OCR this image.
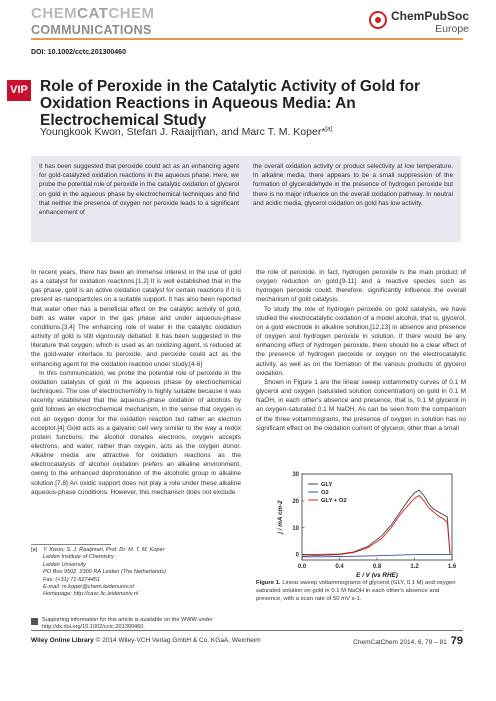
CHEMCATCHEM
COMMUNICATIONS
ChemPubSoc
Europe
DOI: 10.1002/cctc.201300460
VIP Role of Peroxide in the Catalytic Activity of Gold for Oxidation Reactions in Aqueous Media: An Electrochemical Study
Youngkook Kwon, Stefan J. Raaijman, and Marc T. M. Koper*[a]

It has been suggested that peroxide could act as an enhancing agent for gold-catalyzed oxidation reactions in the aqueous phase. Here, we probe the potential role of peroxide in the catalytic oxidation of glycerol on gold in the aqueous phase by electrochemical techniques and find that neither the presence of oxygen nor peroxide leads to a significant enhancement of

the overall oxidation activity or product selectivity at low temperature. In alkaline media, there appears to be a small suppression of the formation of glyceraldehyde in the presence of hydrogen peroxide but there is no major influence on the overall oxidation pathway. In neutral and acidic media, glycerol oxidation on gold has low activity.

In recent years, there has been an immense interest in the use of gold as a catalyst for oxidation reactions.[1,2] It is well established that in the gas phase, gold is an active oxidation catalyst for certain reactions if it is present as nanoparticles on a suitable support. It has also been reported that water often has a beneficial effect on the catalytic activity of gold, both as water vapor in the gas phase and under aqueous-phase conditions.[3,4] The enhancing role of water in the catalytic oxidation activity of gold is still vigorously debated. It has been suggested in the literature that oxygen, which is used as an oxidizing agent, is reduced at the gold-water interface to peroxide, and peroxide could act as the enhancing agent for the oxidation reaction under study.[4-6]

In this communication, we probe the potential role of peroxide in the oxidation catalysis of gold in the aqueous phase by electrochemical techniques. The use of electrochemistry is highly suitable because it was recently established that the aqueous-phase oxidation of alcohols by gold follows an electrochemical mechanism, in the sense that oxygen is not an oxygen donor for the oxidation reaction but rather an electron acceptor.[4] Gold acts as a galvanic cell very similar to the way a redox protein functions: the alcohol donates electrons, oxygen accepts electrons, and water, rather than oxygen, acts as the oxygen donor. Alkaline media are attractive for oxidation reactions as the electrocatalysis of alcohol oxidation prefers an alkaline environment, owing to the enhanced deprotonation of the alcoholic group in alkaline solution.[7,8] An oxidic support does not play a role under these alkaline aqueous-phase conditions. However, this mechanism does not exclude

the role of peroxide. In fact, hydrogen peroxide is the main product of oxygen reduction on gold,[9-11] and a reactive species such as hydrogen peroxide could, therefore, significantly influence the overall mechanism of gold catalysis.

To study the role of hydrogen peroxide on gold catalysis, we have studied the electrocatalytic oxidation of a model alcohol, that is, glycerol, on a gold electrode in alkaline solution,[12,13] in absence and presence of oxygen and hydrogen peroxide in solution. If there would be any enhancing effect of hydrogen peroxide, there should be a clear effect of the presence of hydrogen peroxide or oxygen on the electrocatalytic activity, as well as on the formation of the various products of glycerol oxidation.

Shown in Figure 1 are the linear sweep voltammetry curves of 0.1 M glycerol and oxygen (saturated solution concentration) on gold in 0.1 M NaOH, in each other's absence and presence, that is, 0.1 M glycerol in an oxygen-saturated 0.1 M NaOH. As can be seen from the comparison of the three voltammograms, the presence of oxygen in solution has no significant effect on the oxidation current of glycerol, other than a small

0.0	0.4	0.8	1.2	1.6
0
10
20
30
E / V (vs RHE)
j / mA cm-2
GLY
O2
GLY + O2
Figure 1. Linear sweep voltammograms of glycerol (GLY, 0.1 M) and oxygen saturated solution on gold in 0.1 M NaOH in each other's absence and presence, with a scan rate of 50 mV s-1.
[a] Y. Kwon, S. J. Raaijman, Prof. Dr. M. T. M. Koper
Leiden Institute of Chemistry
Leiden University
PO Box 9502, 2300 RA Leiden (The Netherlands)
Fax: (+31) 71-5274451
E-mail: m.koper@chem.leidenuniv.nl
Homepage: http://casc.lic.leidenuniv.nl
Supporting information for this article is available on the WWW under http://dx.doi.org/10.1002/cctc.201300460.
Wiley Online Library © 2014 Wiley-VCH Verlag GmbH & Co. KGaA, Weinheim	ChemCatChem 2014, 6, 79 – 81 79
